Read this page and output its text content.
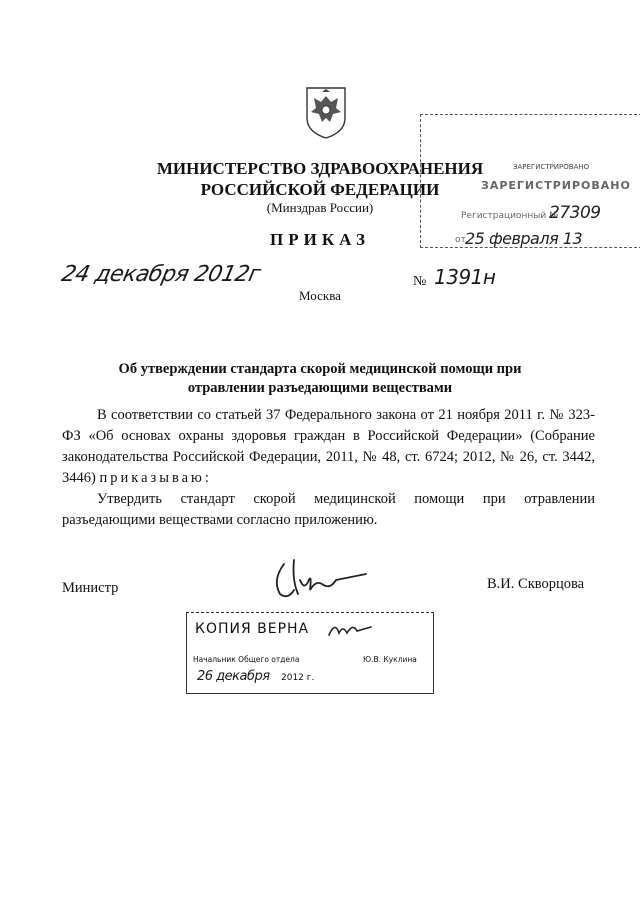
ЗАРЕГИСТРИРОВАНО
ЗАРЕГИСТРИРОВАНО
Регистрационный №
27309
от 25 февраля 13
МИНИСТЕРСТВО ЗДРАВООХРАНЕНИЯ
РОССИЙСКОЙ ФЕДЕРАЦИИ
(Минздрав России)
ПРИКАЗ
24 декабря 2012г	№ 1391н
Москва
Об утверждении стандарта скорой медицинской помощи при
отравлении разъедающими веществами
В соответствии со статьей 37 Федерального закона от 21 ноября 2011 г. № 323-ФЗ «Об основах охраны здоровья граждан в Российской Федерации» (Собрание законодательства Российской Федерации, 2011, № 48, ст. 6724; 2012, № 26, ст. 3442, 3446) приказываю:
Утвердить стандарт скорой медицинской помощи при отравлении разъедающими веществами согласно приложению.
Министр	В.И. Скворцова
КОПИЯ ВЕРНА
Начальник Общего отдела	Ю.В. Куклина
26 декабря 2012 г.
